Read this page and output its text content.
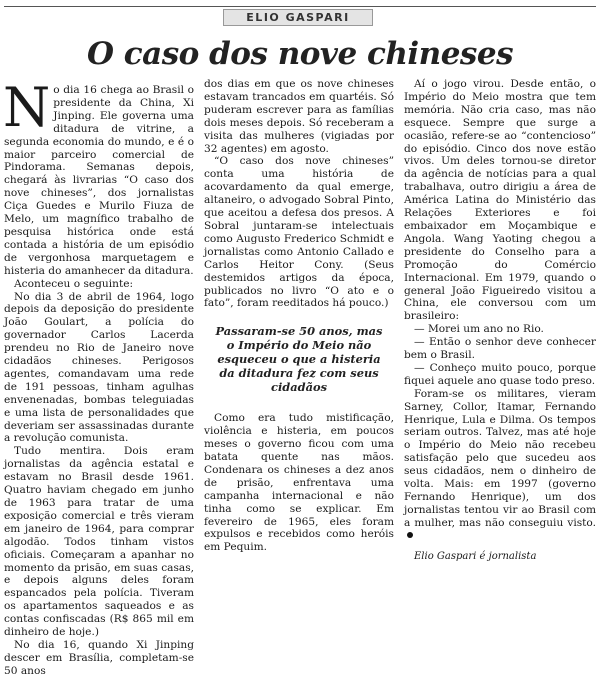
ELIO GASPARI
O caso dos nove chineses

No dia 16 chega ao Brasil o presidente da China, Xi Jinping. Ele governa uma ditadura de vitrine, a segunda economia do mundo, e é o maior parceiro comercial de Pindorama. Semanas depois, chegará às livrarias “O caso dos nove chineses”, dos jornalistas Ciça Guedes e Murilo Fiuza de Melo, um magnífico trabalho de pesquisa histórica onde está contada a história de um episódio de vergonhosa marquetagem e histeria do amanhecer da ditadura.

Aconteceu o seguinte:

No dia 3 de abril de 1964, logo depois da deposição do presidente João Goulart, a polícia do governador Carlos Lacerda prendeu no Rio de Janeiro nove cidadãos chineses. Perigosos agentes, comandavam uma rede de 191 pessoas, tinham agulhas envenenadas, bombas teleguiadas e uma lista de personalidades que deveriam ser assassinadas durante a revolução comunista.

Tudo mentira. Dois eram jornalistas da agência estatal e estavam no Brasil desde 1961. Quatro haviam chegado em junho de 1963 para tratar de uma exposição comercial e três vieram em janeiro de 1964, para comprar algodão. Todos tinham vistos oficiais. Começaram a apanhar no momento da prisão, em suas casas, e depois alguns deles foram espancados pela polícia. Tiveram os apartamentos saqueados e as contas confiscadas (R$ 865 mil em dinheiro de hoje.)

No dia 16, quando Xi Jinping descer em Brasília, completam-se 50 anos

dos dias em que os nove chineses estavam trancados em quartéis. Só puderam escrever para as famílias dois meses depois. Só receberam a visita das mulheres (vigiadas por 32 agentes) em agosto.

“O caso dos nove chineses” conta uma história de acovardamento da qual emerge, altaneiro, o advogado Sobral Pinto, que aceitou a defesa dos presos. A Sobral juntaram-se intelectuais como Augusto Frederico Schmidt e jornalistas como Antonio Callado e Carlos Heitor Cony. (Seus destemidos artigos da época, publicados no livro “O ato e o fato”, foram reeditados há pouco.)

Passaram-se 50 anos, mas o Império do Meio não esqueceu o que a histeria da ditadura fez com seus cidadãos

Como era tudo mistificação, violência e histeria, em poucos meses o governo ficou com uma batata quente nas mãos. Condenara os chineses a dez anos de prisão, enfrentava uma campanha internacional e não tinha como se explicar. Em fevereiro de 1965, eles foram expulsos e recebidos como heróis em Pequim.

Aí o jogo virou. Desde então, o Império do Meio mostra que tem memória. Não cria caso, mas não esquece. Sempre que surge a ocasião, refere-se ao “contencioso” do episódio. Cinco dos nove estão vivos. Um deles tornou-se diretor da agência de notícias para a qual trabalhava, outro dirigiu a área de América Latina do Ministério das Relações Exteriores e foi embaixador em Moçambique e Angola. Wang Yaoting chegou a presidente do Conselho para a Promoção do Comércio Internacional. Em 1979, quando o general João Figueiredo visitou a China, ele conversou com um brasileiro:

— Morei um ano no Rio.

— Então o senhor deve conhecer bem o Brasil.

— Conheço muito pouco, porque fiquei aquele ano quase todo preso.

Foram-se os militares, vieram Sarney, Collor, Itamar, Fernando Henrique, Lula e Dilma. Os tempos seriam outros. Talvez, mas até hoje o Império do Meio não recebeu satisfação pelo que sucedeu aos seus cidadãos, nem o dinheiro de volta. Mais: em 1997 (governo Fernando Henrique), um dos jornalistas tentou vir ao Brasil com a mulher, mas não conseguiu visto.

Elio Gaspari é jornalista
